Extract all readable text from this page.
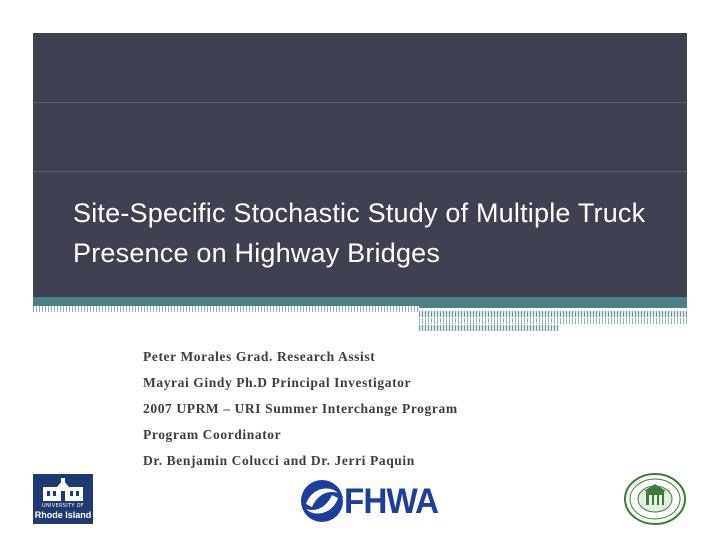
Site-Specific Stochastic Study of Multiple Truck Presence on Highway Bridges
Peter Morales Grad. Research Assist
Mayrai Gindy Ph.D Principal Investigator
2007 UPRM – URI Summer Interchange Program
Program Coordinator
Dr. Benjamin Colucci and Dr. Jerri Paquin
UNIVERSITY OF
Rhode Island	FHWA
